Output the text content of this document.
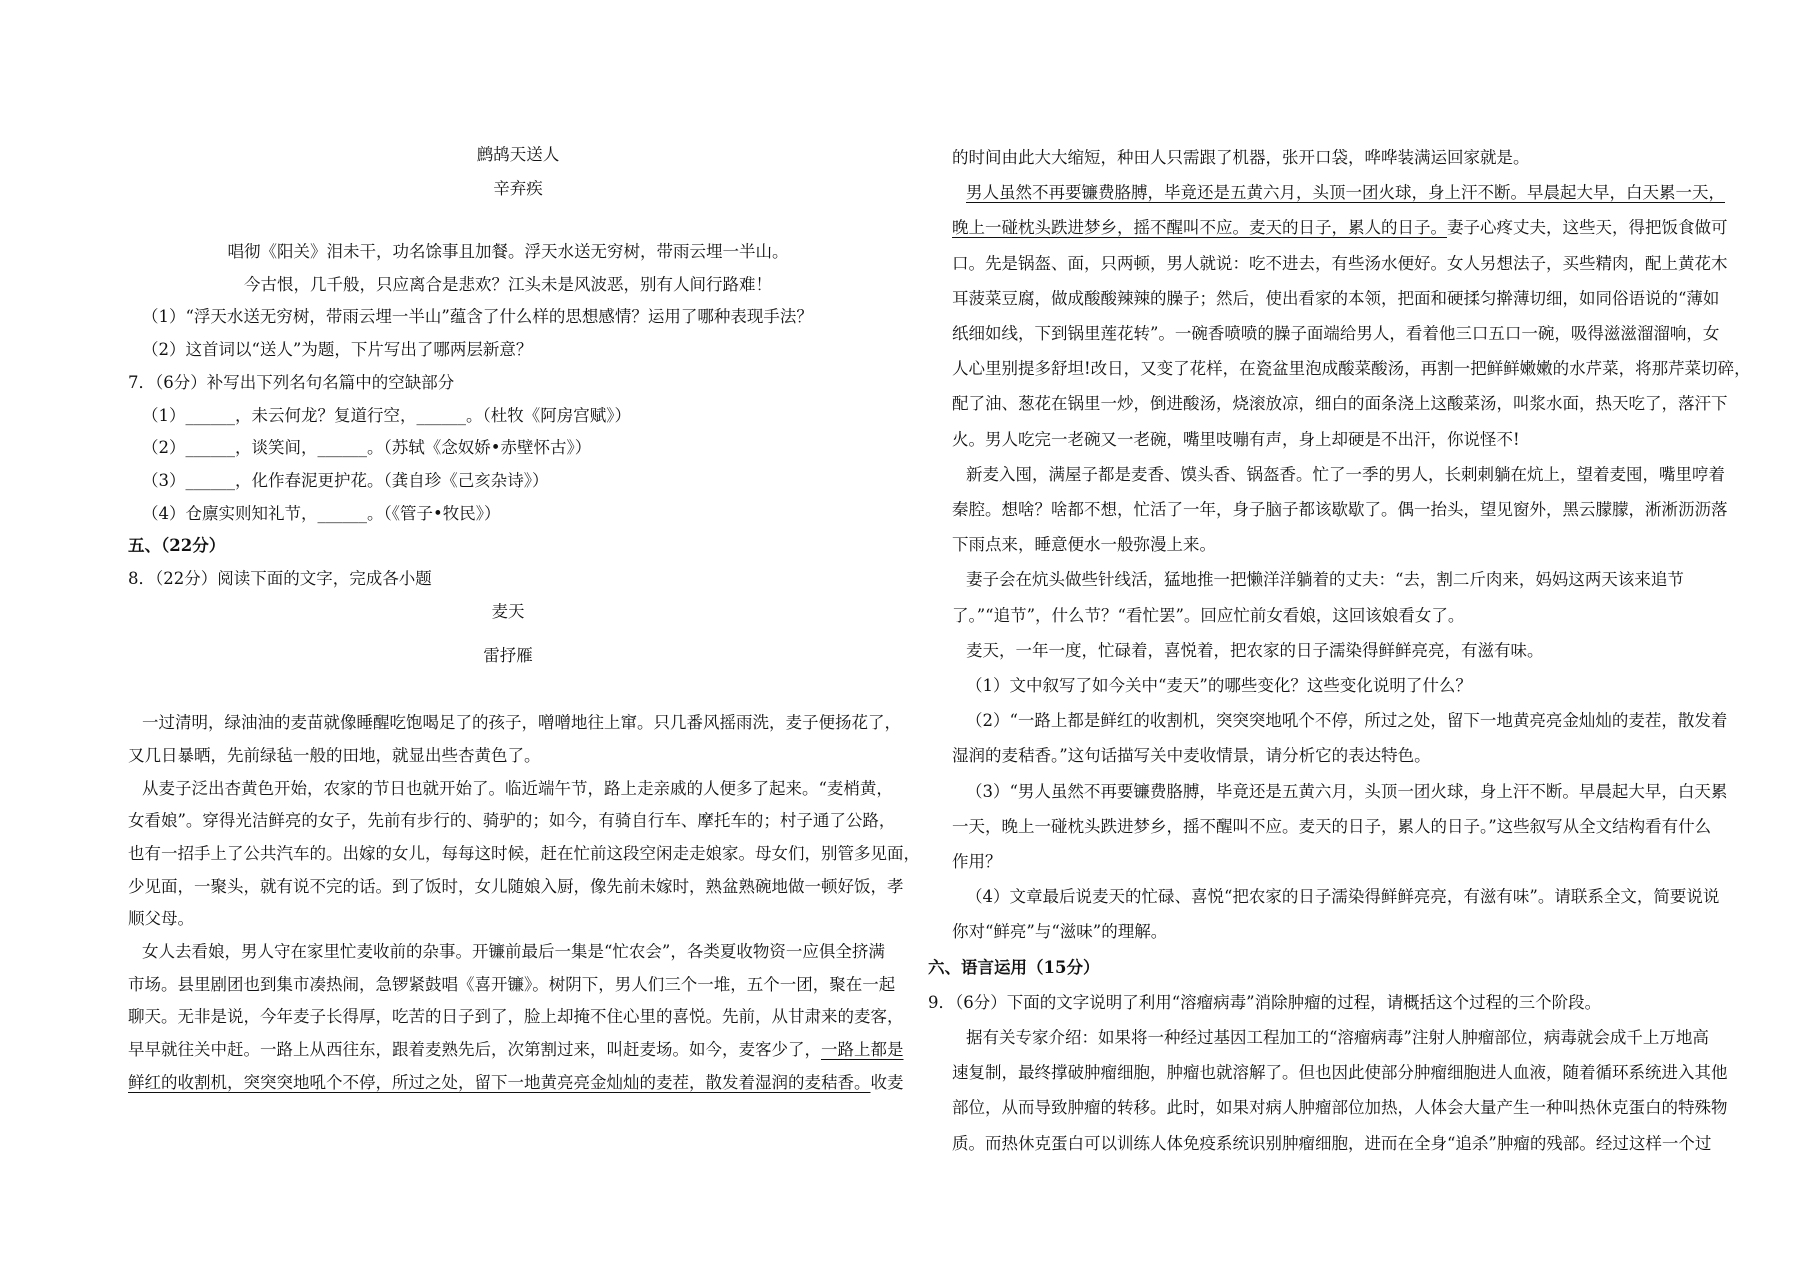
鹧鸪天送人

辛弃疾

唱彻《阳关》泪未干，功名馀事且加餐。浮天水送无穷树，带雨云埋一半山。

今古恨，几千般，只应离合是悲欢？江头未是风波恶，别有人间行路难！

（1）“浮天水送无穷树，带雨云埋一半山”蕴含了什么样的思想感情？运用了哪种表现手法？

（2）这首词以“送人”为题，下片写出了哪两层新意？

7．（6分）补写出下列名句名篇中的空缺部分

（1）______，未云何龙？复道行空，______。（杜牧《阿房宫赋》）

（2）______，谈笑间，______。（苏轼《念奴娇•赤壁怀古》）

（3）______，化作春泥更护花。（龚自珍《己亥杂诗》）

（4）仓廪实则知礼节，______。（《管子•牧民》）

五、（22分）

8．（22分）阅读下面的文字，完成各小题

麦天

雷抒雁

一过清明，绿油油的麦苗就像睡醒吃饱喝足了的孩子，噌噌地往上窜。只几番风摇雨洗，麦子便扬花了，

又几日暴晒，先前绿毡一般的田地，就显出些杏黄色了。

从麦子泛出杏黄色开始，农家的节日也就开始了。临近端午节，路上走亲戚的人便多了起来。“麦梢黄，

女看娘”。穿得光洁鲜亮的女子，先前有步行的、骑驴的；如今，有骑自行车、摩托车的；村子通了公路，

也有一招手上了公共汽车的。出嫁的女儿，每每这时候，赶在忙前这段空闲走走娘家。母女们，别管多见面，

少见面，一聚头，就有说不完的话。到了饭时，女儿随娘入厨，像先前未嫁时，熟盆熟碗地做一顿好饭，孝

顺父母。

女人去看娘，男人守在家里忙麦收前的杂事。开镰前最后一集是“忙农会”，各类夏收物资一应俱全挤满

市场。县里剧团也到集市凑热闹，急锣紧鼓唱《喜开镰》。树阴下，男人们三个一堆，五个一团，聚在一起

聊天。无非是说，今年麦子长得厚，吃苦的日子到了，脸上却掩不住心里的喜悦。先前，从甘肃来的麦客，

早早就往关中赶。一路上从西往东，跟着麦熟先后，次第割过来，叫赶麦场。如今，麦客少了，一路上都是

鲜红的收割机，突突突地吼个不停，所过之处，留下一地黄亮亮金灿灿的麦茬，散发着湿润的麦秸香。收麦

的时间由此大大缩短，种田人只需跟了机器，张开口袋，哗哗装满运回家就是。

男人虽然不再要镰费胳膊，毕竟还是五黄六月，头顶一团火球，身上汗不断。早晨起大早，白天累一天，

晚上一碰枕头跌进梦乡，摇不醒叫不应。麦天的日子，累人的日子。妻子心疼丈夫，这些天，得把饭食做可

口。先是锅盔、面，只两顿，男人就说：吃不进去，有些汤水便好。女人另想法子，买些精肉，配上黄花木

耳菠菜豆腐，做成酸酸辣辣的臊子；然后，使出看家的本领，把面和硬揉匀擀薄切细，如同俗语说的“薄如

纸细如线，下到锅里莲花转”。一碗香喷喷的臊子面端给男人，看着他三口五口一碗，吸得滋滋溜溜响，女

人心里别提多舒坦!改日，又变了花样，在瓷盆里泡成酸菜酸汤，再割一把鲜鲜嫩嫩的水芹菜，将那芹菜切碎，

配了油、葱花在锅里一炒，倒进酸汤，烧滚放凉，细白的面条浇上这酸菜汤，叫浆水面，热天吃了，落汗下

火。男人吃完一老碗又一老碗，嘴里吱嘣有声，身上却硬是不出汗，你说怪不!

新麦入囤，满屋子都是麦香、馍头香、锅盔香。忙了一季的男人，长刺刺躺在炕上，望着麦囤，嘴里哼着

秦腔。想啥？啥都不想，忙活了一年，身子脑子都该歇歇了。偶一抬头，望见窗外，黑云朦朦，淅淅沥沥落

下雨点来，睡意便水一般弥漫上来。

妻子会在炕头做些针线活，猛地推一把懒洋洋躺着的丈夫：“去，割二斤肉来，妈妈这两天该来追节

了。”“追节”，什么节？“看忙罢”。回应忙前女看娘，这回该娘看女了。

麦天，一年一度，忙碌着，喜悦着，把农家的日子濡染得鲜鲜亮亮，有滋有味。

（1）文中叙写了如今关中“麦天”的哪些变化？这些变化说明了什么？

（2）“一路上都是鲜红的收割机，突突突地吼个不停，所过之处，留下一地黄亮亮金灿灿的麦茬，散发着

湿润的麦秸香。”这句话描写关中麦收情景，请分析它的表达特色。

（3）“男人虽然不再要镰费胳膊，毕竟还是五黄六月，头顶一团火球，身上汗不断。早晨起大早，白天累

一天，晚上一碰枕头跌进梦乡，摇不醒叫不应。麦天的日子，累人的日子。”这些叙写从全文结构看有什么

作用？

（4）文章最后说麦天的忙碌、喜悦“把农家的日子濡染得鲜鲜亮亮，有滋有味”。请联系全文，简要说说

你对“鲜亮”与“滋味”的理解。

六、语言运用（15分）

9．（6分）下面的文字说明了利用“溶瘤病毒”消除肿瘤的过程，请概括这个过程的三个阶段。

据有关专家介绍：如果将一种经过基因工程加工的“溶瘤病毒”注射人肿瘤部位，病毒就会成千上万地高

速复制，最终撑破肿瘤细胞，肿瘤也就溶解了。但也因此使部分肿瘤细胞进人血液，随着循环系统进入其他

部位，从而导致肿瘤的转移。此时，如果对病人肿瘤部位加热，人体会大量产生一种叫热休克蛋白的特殊物

质。而热休克蛋白可以训练人体免疫系统识别肿瘤细胞，进而在全身“追杀”肿瘤的残部。经过这样一个过
